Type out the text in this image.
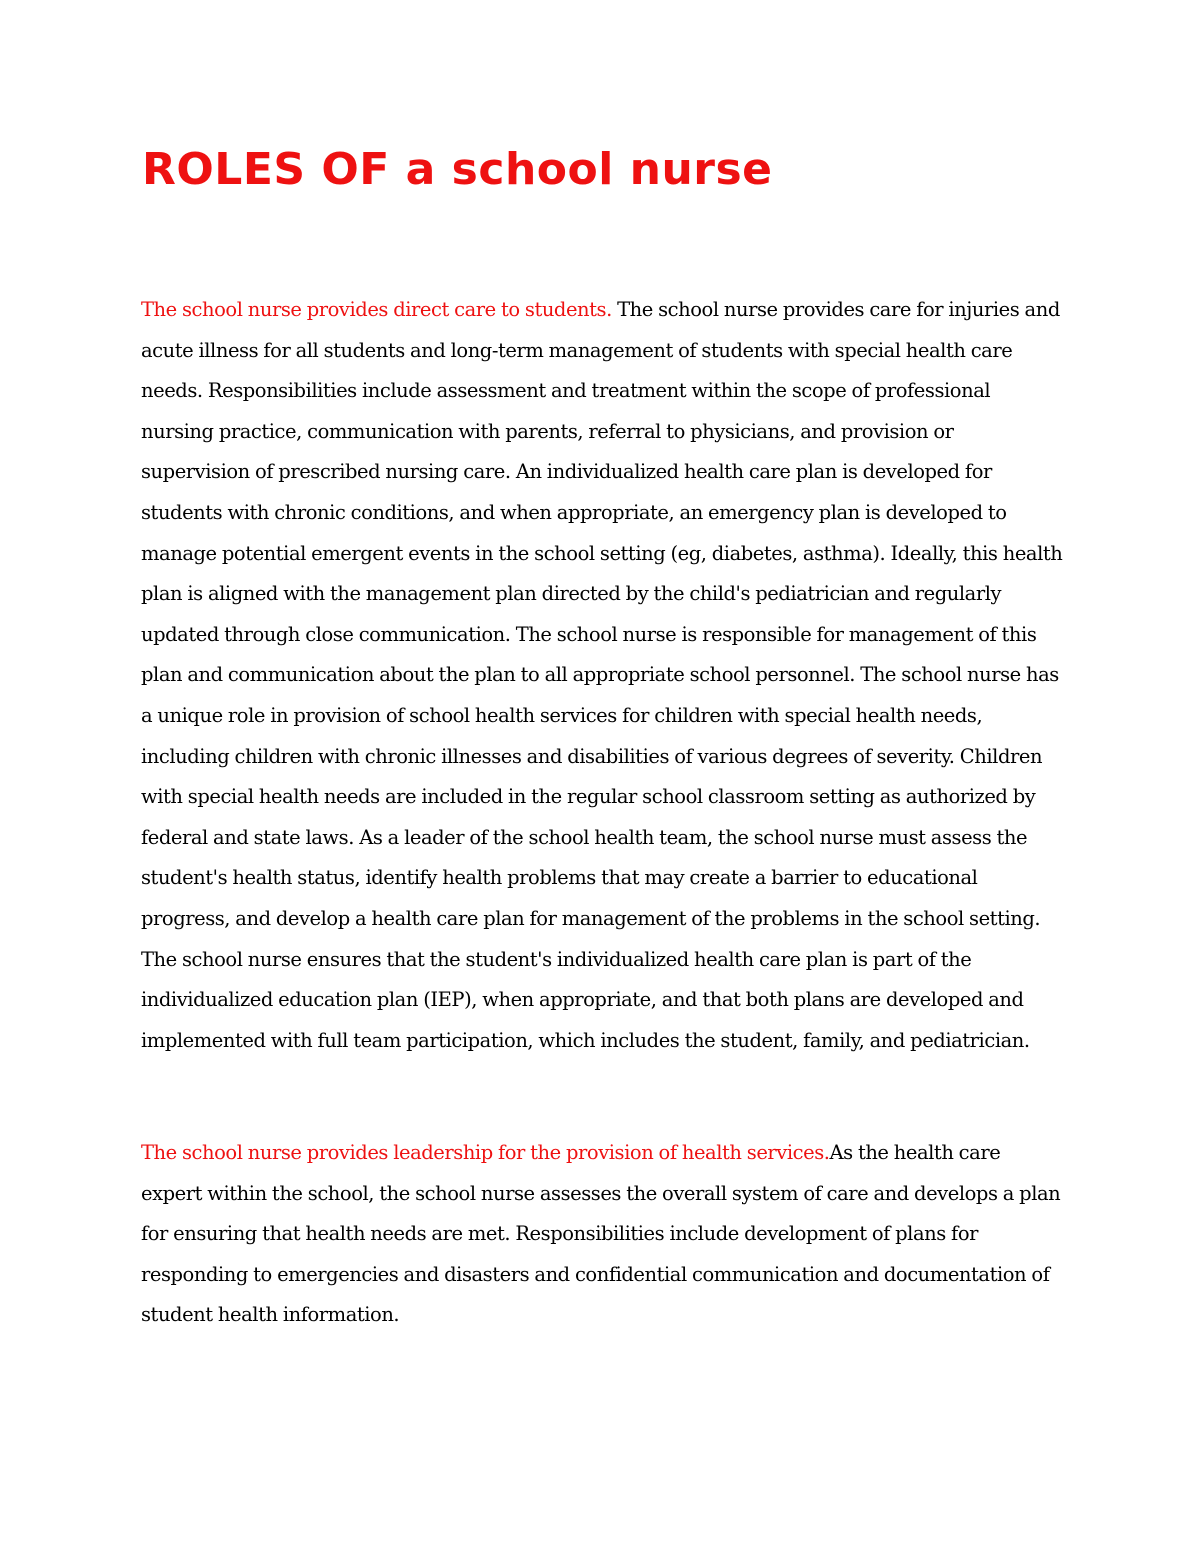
ROLES OF a school nurse

The school nurse provides direct care to students. The school nurse provides care for injuries and acute illness for all students and long-term management of students with special health care needs. Responsibilities include assessment and treatment within the scope of professional nursing practice, communication with parents, referral to physicians, and provision or supervision of prescribed nursing care. An individualized health care plan is developed for students with chronic conditions, and when appropriate, an emergency plan is developed to manage potential emergent events in the school setting (eg, diabetes, asthma). Ideally, this health plan is aligned with the management plan directed by the child's pediatrician and regularly updated through close communication. The school nurse is responsible for management of this plan and communication about the plan to all appropriate school personnel. The school nurse has a unique role in provision of school health services for children with special health needs, including children with chronic illnesses and disabilities of various degrees of severity. Children with special health needs are included in the regular school classroom setting as authorized by federal and state laws. As a leader of the school health team, the school nurse must assess the student's health status, identify health problems that may create a barrier to educational progress, and develop a health care plan for management of the problems in the school setting. The school nurse ensures that the student's individualized health care plan is part of the individualized education plan (IEP), when appropriate, and that both plans are developed and implemented with full team participation, which includes the student, family, and pediatrician.

The school nurse provides leadership for the provision of health services.As the health care expert within the school, the school nurse assesses the overall system of care and develops a plan for ensuring that health needs are met. Responsibilities include development of plans for responding to emergencies and disasters and confidential communication and documentation of student health information.
